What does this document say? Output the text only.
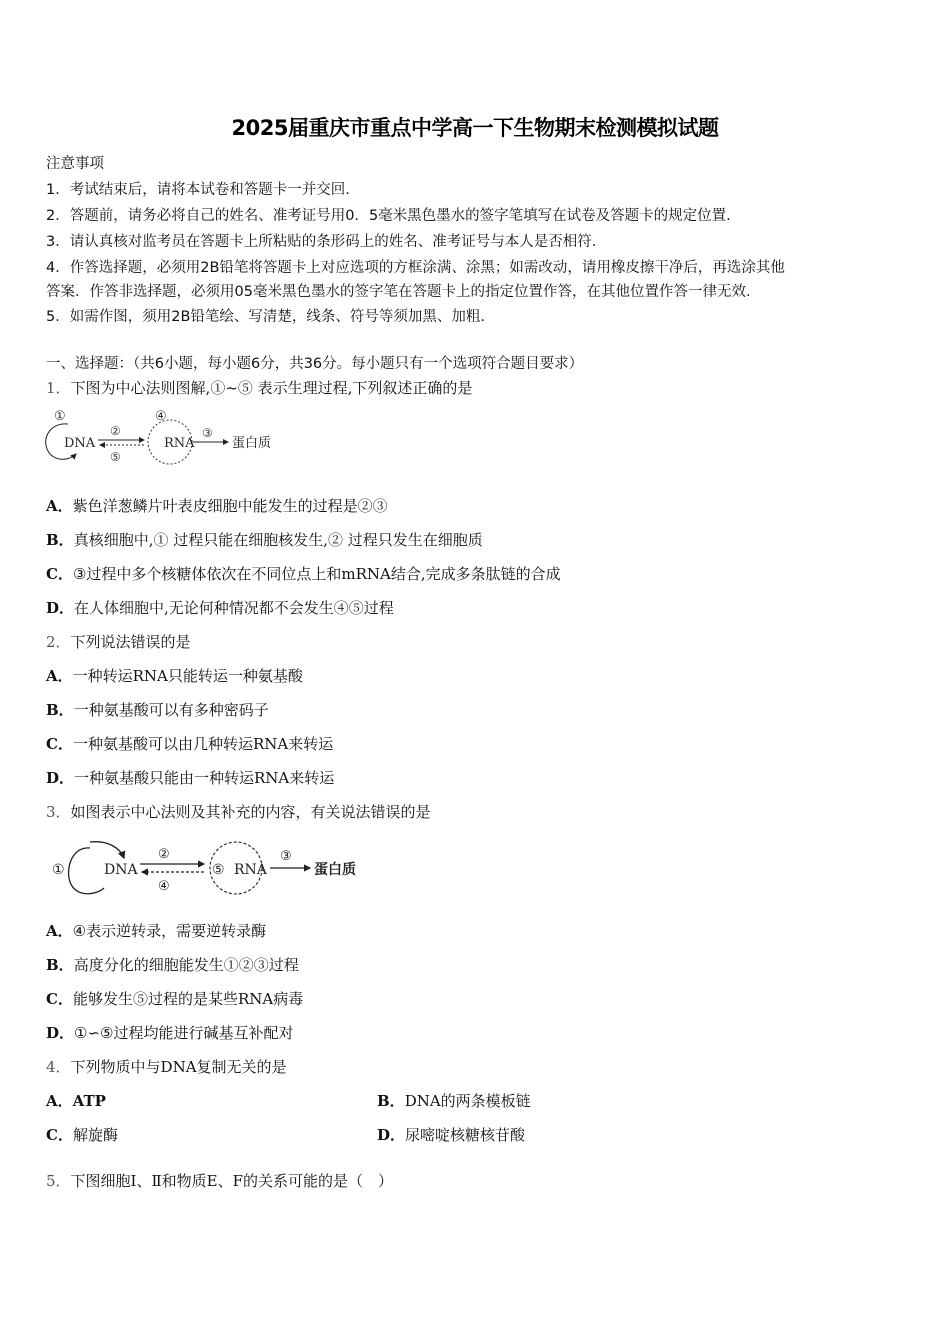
2025届重庆市重点中学高一下生物期末检测模拟试题
注意事项
1．考试结束后，请将本试卷和答题卡一并交回.
2．答题前，请务必将自己的姓名、准考证号用0．5毫米黑色墨水的签字笔填写在试卷及答题卡的规定位置.
3．请认真核对监考员在答题卡上所粘贴的条形码上的姓名、准考证号与本人是否相符.
4．作答选择题，必须用2B铅笔将答题卡上对应选项的方框涂满、涂黑；如需改动，请用橡皮擦干净后，再选涂其他
答案．作答非选择题，必须用05毫米黑色墨水的签字笔在答题卡上的指定位置作答，在其他位置作答一律无效.
5．如需作图，须用2B铅笔绘、写清楚，线条、符号等须加黑、加粗.
一、选择题：（共6小题，每小题6分，共36分。每小题只有一个选项符合题目要求）
1．下图为中心法则图解,①~⑤ 表示生理过程,下列叙述正确的是
①
DNA
②
⑤
④
RNA
③
蛋白质
A．紫色洋葱鳞片叶表皮细胞中能发生的过程是②③
B．真核细胞中,① 过程只能在细胞核发生,② 过程只发生在细胞质
C．③过程中多个核糖体依次在不同位点上和mRNA结合,完成多条肽链的合成
D．在人体细胞中,无论何种情况都不会发生④⑤过程
2．下列说法错误的是
A．一种转运RNA只能转运一种氨基酸
B．一种氨基酸可以有多种密码子
C．一种氨基酸可以由几种转运RNA来转运
D．一种氨基酸只能由一种转运RNA来转运
3．如图表示中心法则及其补充的内容，有关说法错误的是
①	DNA
②
④
⑤ RNA
③
蛋白质
A．④表示逆转录，需要逆转录酶
B．高度分化的细胞能发生①②③过程
C．能够发生⑤过程的是某些RNA病毒
D．①∽⑤过程均能进行碱基互补配对
4．下列物质中与DNA复制无关的是
A．ATP	B．DNA的两条模板链
C．解旋酶	D．尿嘧啶核糖核苷酸
5．下图细胞Ⅰ、Ⅱ和物质E、F的关系可能的是（　）
